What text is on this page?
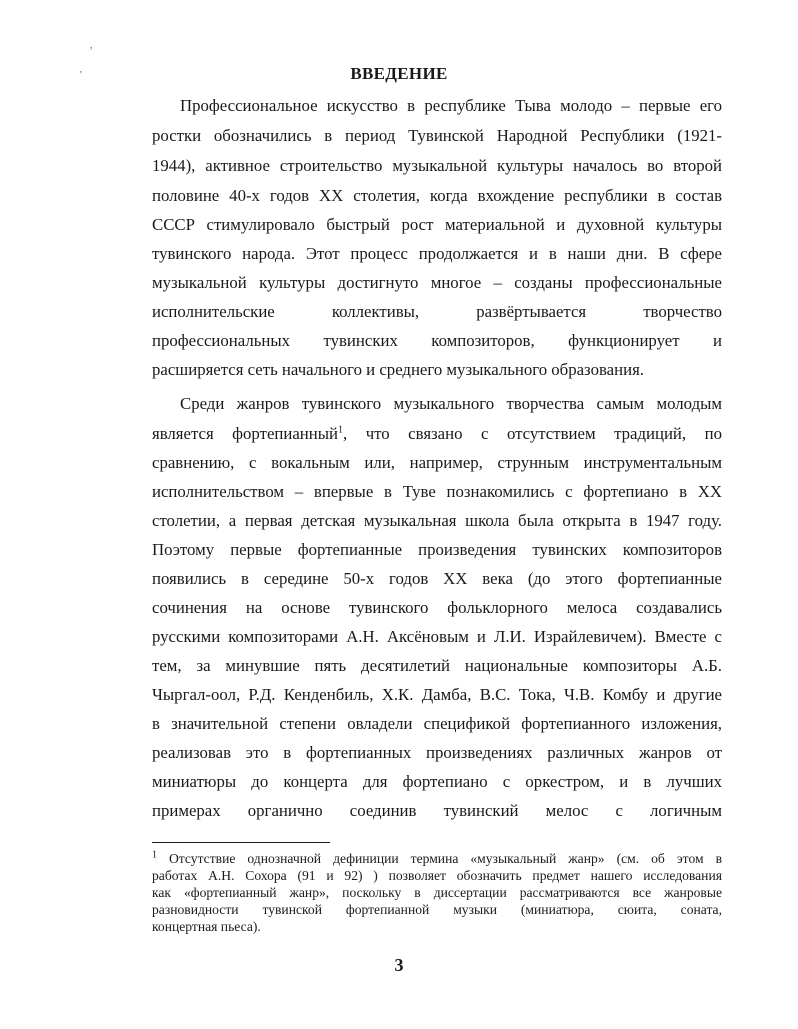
,
'	ВВЕДЕНИЕ
Профессиональное искусство в республике Тыва молодо – первые его
ростки обозначились в период Тувинской Народной Республики (1921-
1944), активное строительство музыкальной культуры началось во второй
половине 40-х годов XX столетия, когда вхождение республики в состав
СССР стимулировало быстрый рост материальной и духовной культуры
тувинского народа. Этот процесс продолжается и в наши дни. В сфере
музыкальной культуры достигнуто многое – созданы профессиональные
исполнительские коллективы, развёртывается творчество
профессиональных тувинских композиторов, функционирует и
расширяется сеть начального и среднего музыкального образования.
Среди жанров тувинского музыкального творчества самым молодым
является фортепианный$^1$, что связано с отсутствием традиций, по
сравнению, с вокальным или, например, струнным инструментальным
исполнительством – впервые в Туве познакомились с фортепиано в XX
столетии, а первая детская музыкальная школа была открыта в 1947 году.
Поэтому первые фортепианные произведения тувинских композиторов
появились в середине 50-х годов XX века (до этого фортепианные
сочинения на основе тувинского фольклорного мелоса создавались
русскими композиторами А.Н. Аксёновым и Л.И. Израйлевичем). Вместе с
тем, за минувшие пять десятилетий национальные композиторы А.Б.
Чыргал-оол, Р.Д. Кенденбиль, Х.К. Дамба, В.С. Тока, Ч.В. Комбу и другие
в значительной степени овладели спецификой фортепианного изложения,
реализовав это в фортепианных произведениях различных жанров от
миниатюры до концерта для фортепиано с оркестром, и в лучших
примерах органично соединив тувинский мелос с логичным
$^1$ Отсутствие однозначной дефиниции термина «музыкальный жанр» (см. об этом в
работах А.Н. Сохора (91 и 92) ) позволяет обозначить предмет нашего исследования
как «фортепианный жанр», поскольку в диссертации рассматриваются все жанровые
разновидности тувинской фортепианной музыки (миниатюра, сюита, соната,
концертная пьеса).
3
